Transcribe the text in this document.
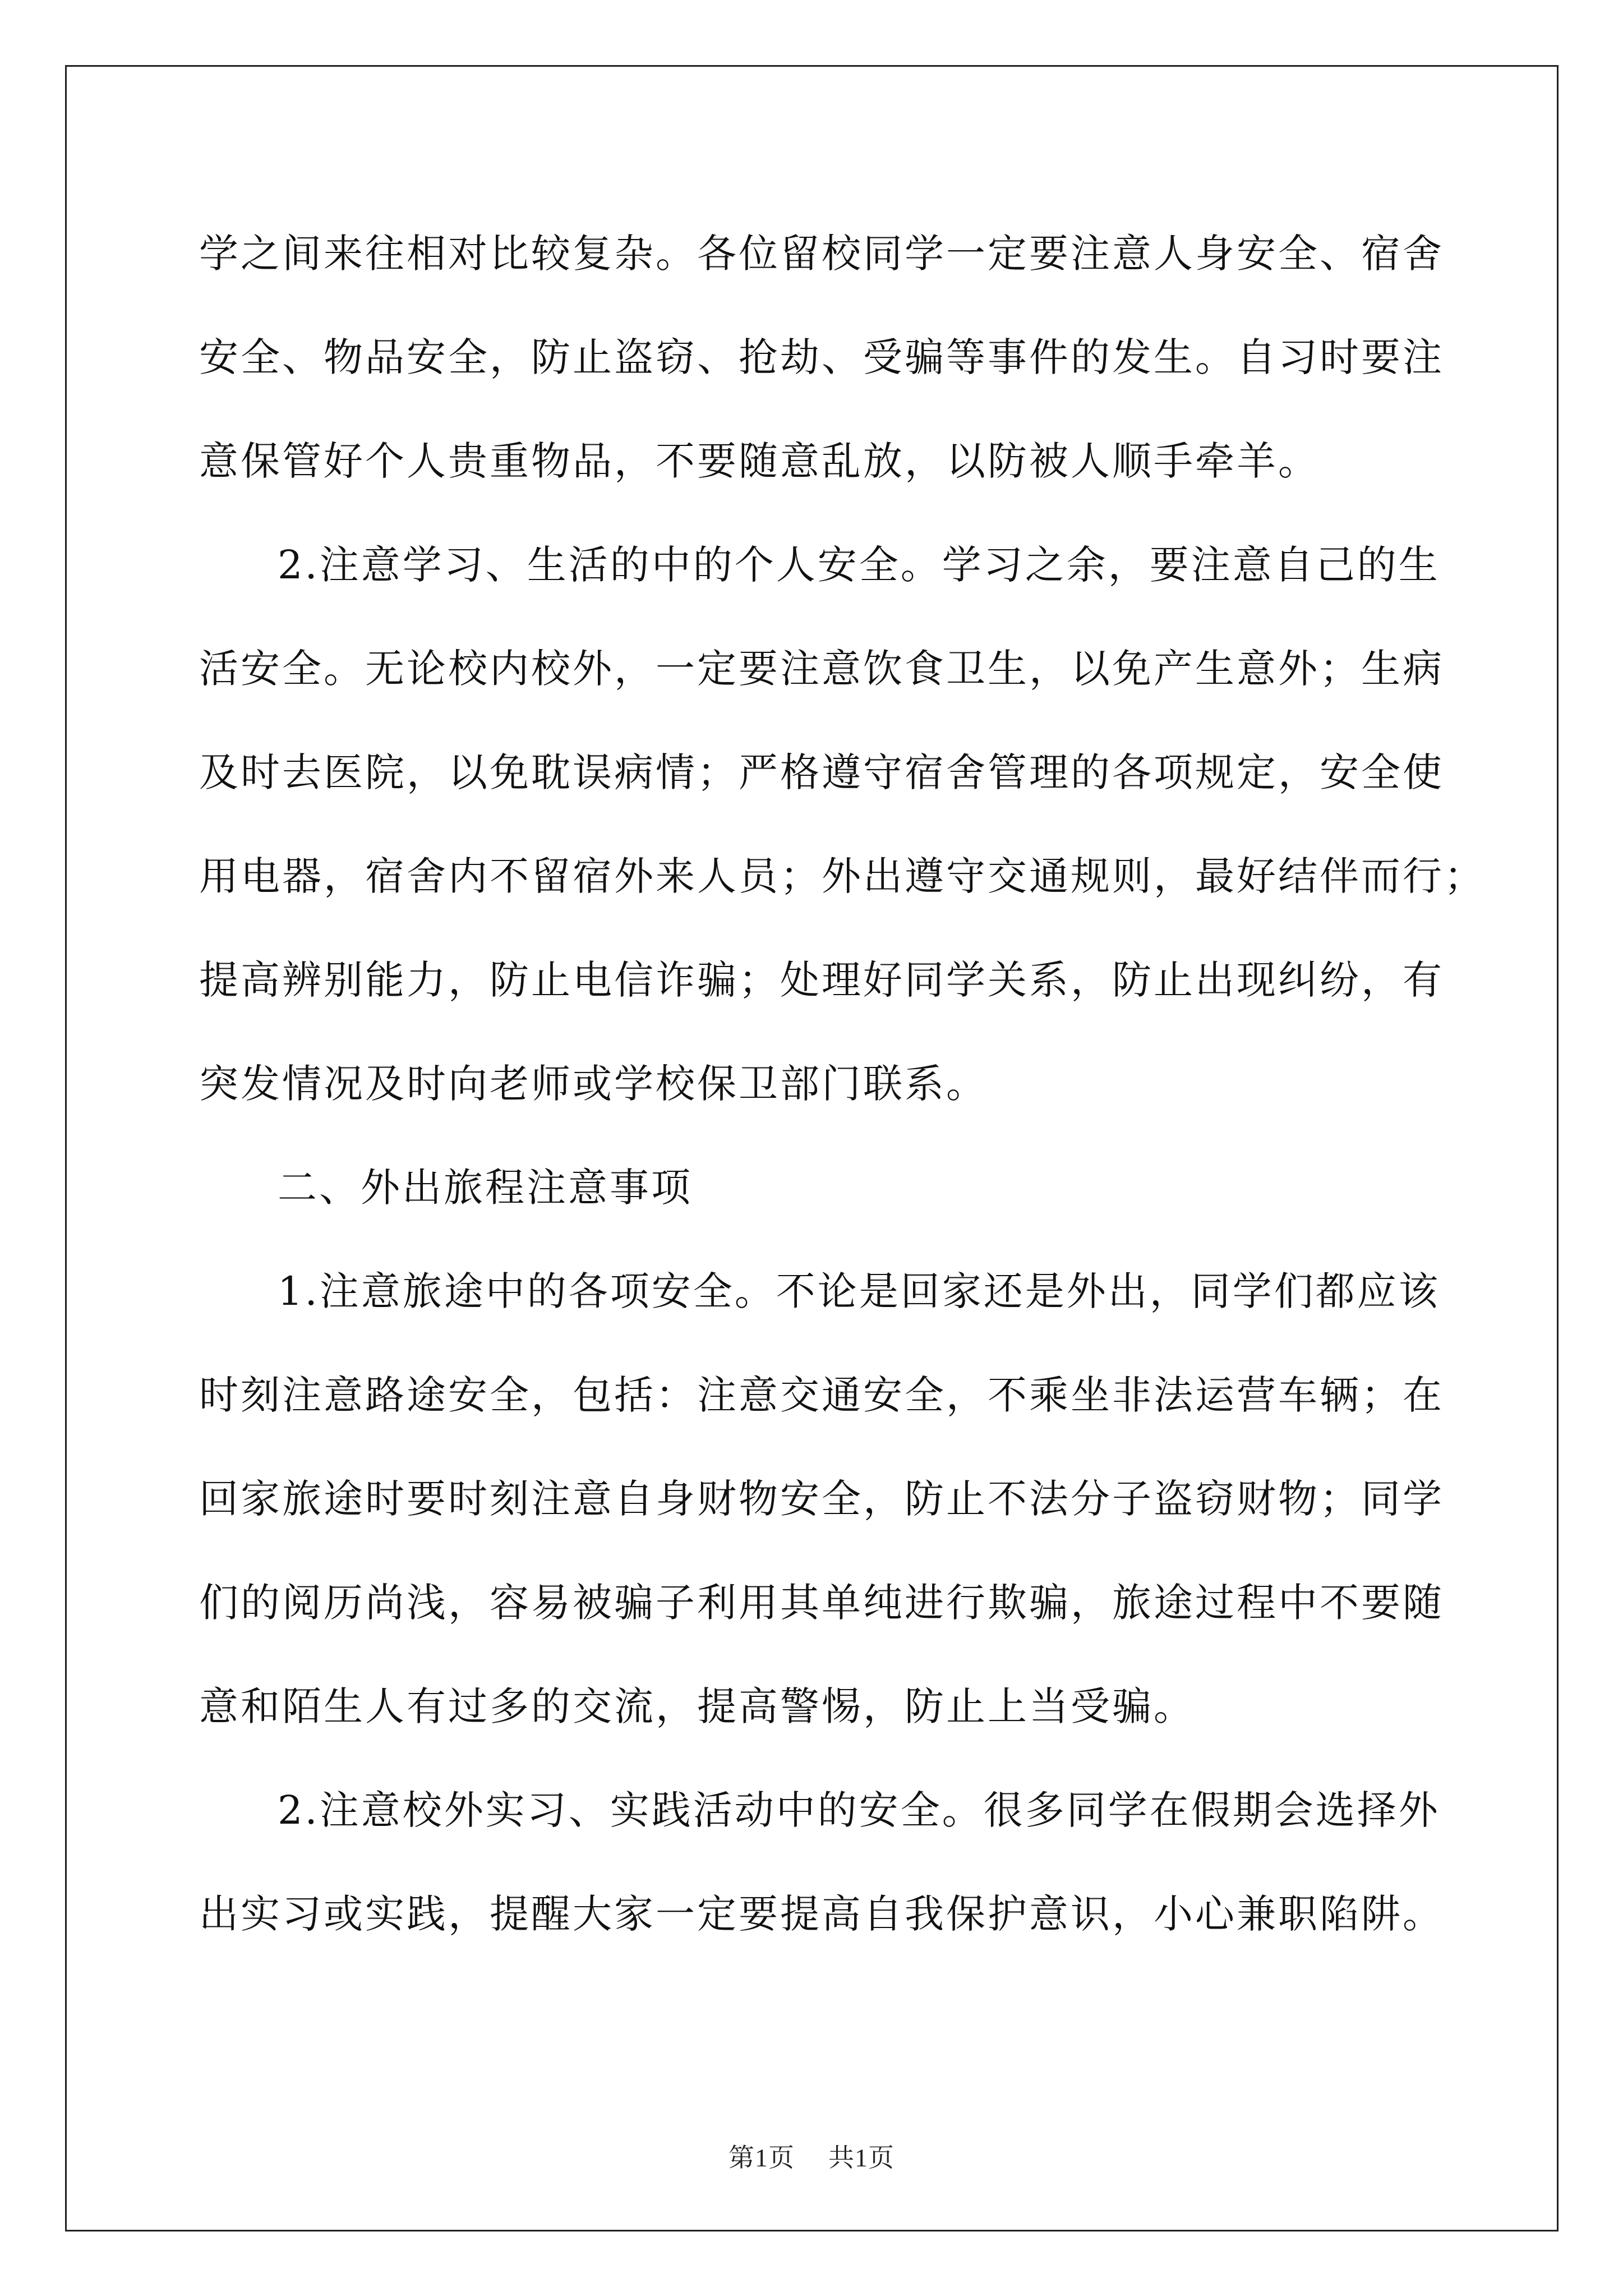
学之间来往相对比较复杂。各位留校同学一定要注意人身安全、宿舍
安全、物品安全，防止盗窃、抢劫、受骗等事件的发生。自习时要注
意保管好个人贵重物品，不要随意乱放，以防被人顺手牵羊。
2.注意学习、生活的中的个人安全。学习之余，要注意自己的生
活安全。无论校内校外，一定要注意饮食卫生，以免产生意外；生病
及时去医院，以免耽误病情；严格遵守宿舍管理的各项规定，安全使
用电器，宿舍内不留宿外来人员；外出遵守交通规则，最好结伴而行；
提高辨别能力，防止电信诈骗；处理好同学关系，防止出现纠纷，有
突发情况及时向老师或学校保卫部门联系。
二、外出旅程注意事项
1.注意旅途中的各项安全。不论是回家还是外出，同学们都应该
时刻注意路途安全，包括：注意交通安全，不乘坐非法运营车辆；在
回家旅途时要时刻注意自身财物安全，防止不法分子盗窃财物；同学
们的阅历尚浅，容易被骗子利用其单纯进行欺骗，旅途过程中不要随
意和陌生人有过多的交流，提高警惕，防止上当受骗。
2.注意校外实习、实践活动中的安全。很多同学在假期会选择外
出实习或实践，提醒大家一定要提高自我保护意识，小心兼职陷阱。
第1页 共1页
